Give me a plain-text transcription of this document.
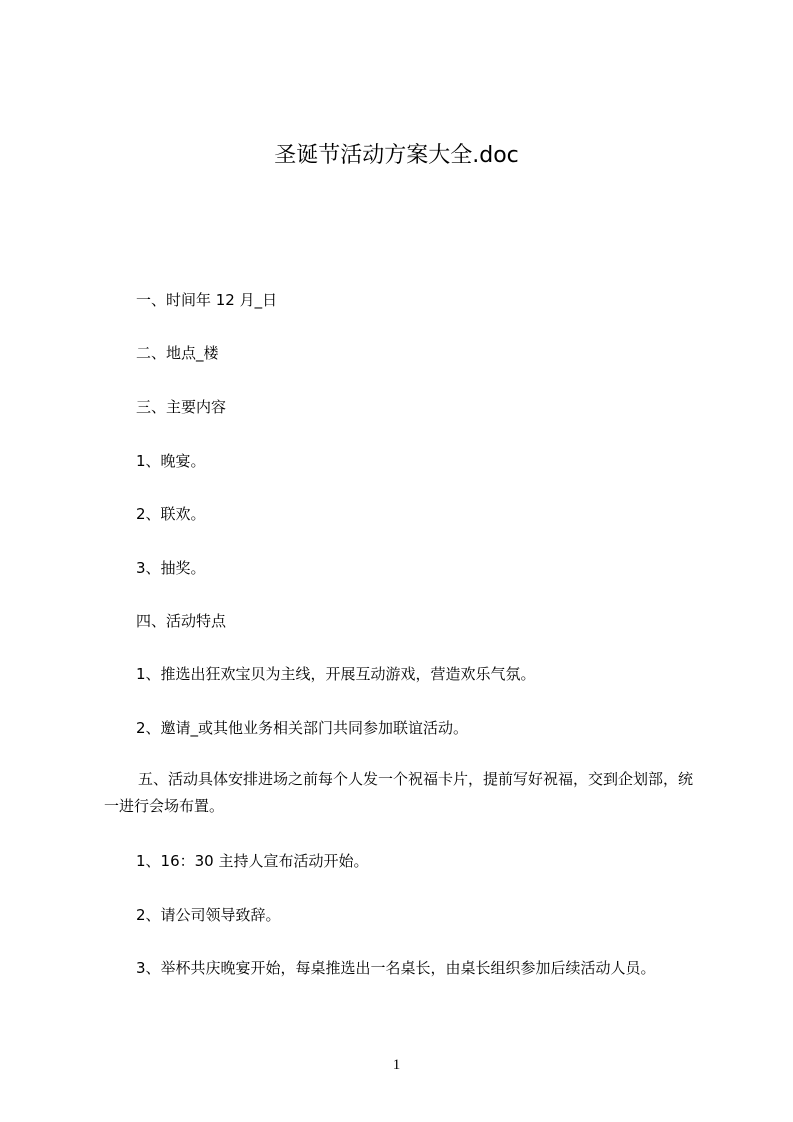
圣诞节活动方案大全.doc
一、时间年 12 月_日
二、地点_楼
三、主要内容
1、晚宴。
2、联欢。
3、抽奖。
四、活动特点
1、推选出狂欢宝贝为主线，开展互动游戏，营造欢乐气氛。
2、邀请_或其他业务相关部门共同参加联谊活动。
五、活动具体安排进场之前每个人发一个祝福卡片，提前写好祝福，交到企划部，统一进行会场布置。
1、16：30 主持人宣布活动开始。
2、请公司领导致辞。
3、举杯共庆晚宴开始，每桌推选出一名桌长，由桌长组织参加后续活动人员。
1
